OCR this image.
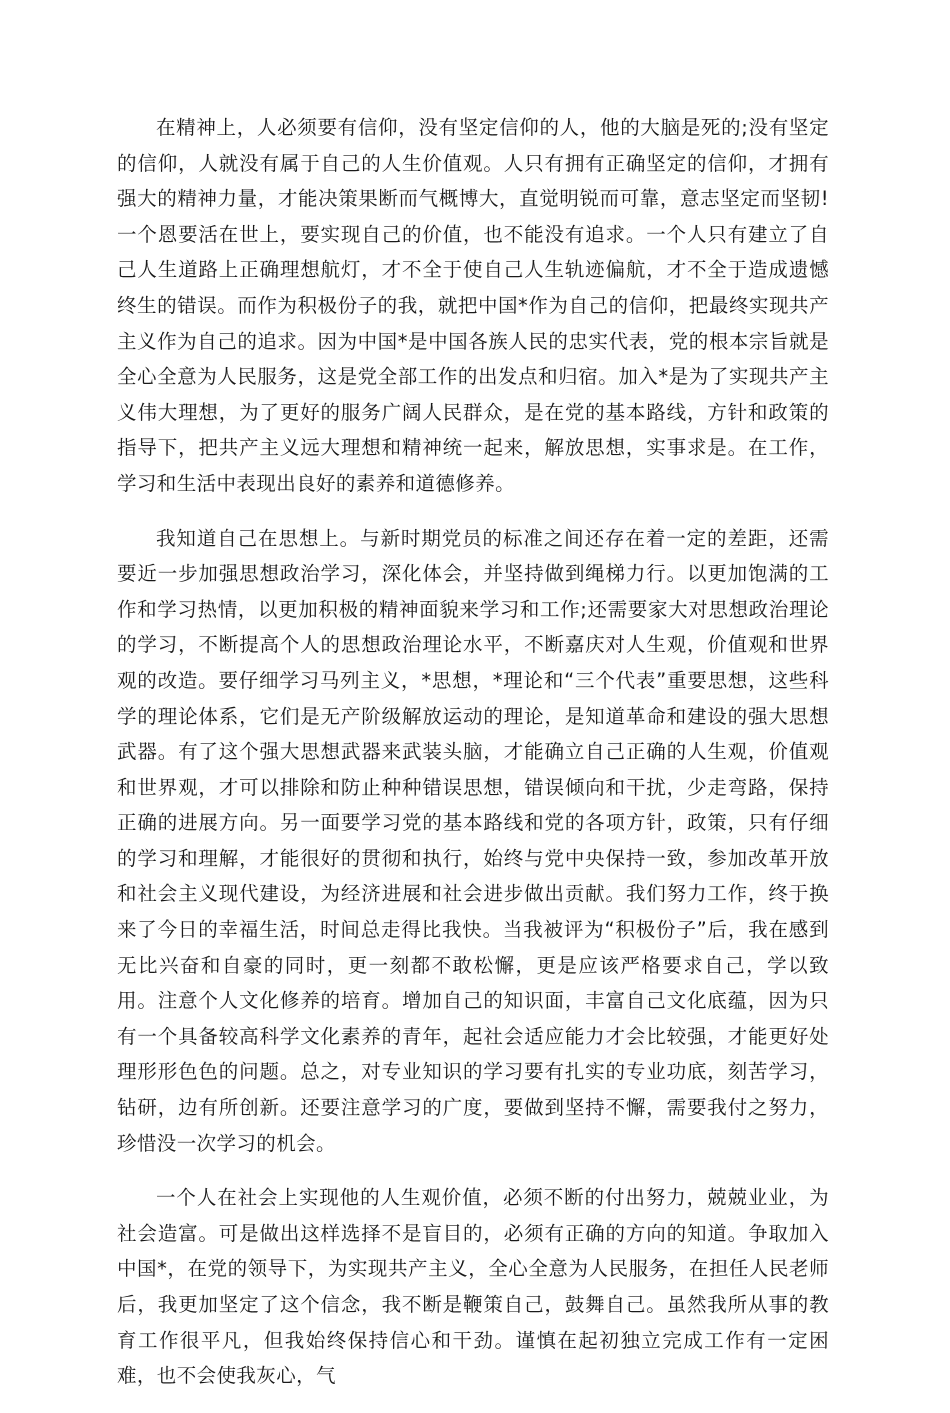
在精神上，人必须要有信仰，没有坚定信仰的人，他的大脑是死的;没有坚定的信仰，人就没有属于自己的人生价值观。人只有拥有正确坚定的信仰，才拥有强大的精神力量，才能决策果断而气概博大，直觉明锐而可靠，意志坚定而坚韧!一个恩要活在世上，要实现自己的价值，也不能没有追求。一个人只有建立了自己人生道路上正确理想航灯，才不全于使自己人生轨迹偏航，才不全于造成遗憾终生的错误。而作为积极份子的我，就把中国*作为自己的信仰，把最终实现共产主义作为自己的追求。因为中国*是中国各族人民的忠实代表，党的根本宗旨就是全心全意为人民服务，这是党全部工作的出发点和归宿。加入*是为了实现共产主义伟大理想，为了更好的服务广阔人民群众，是在党的基本路线，方针和政策的指导下，把共产主义远大理想和精神统一起来，解放思想，实事求是。在工作，学习和生活中表现出良好的素养和道德修养。

我知道自己在思想上。与新时期党员的标准之间还存在着一定的差距，还需要近一步加强思想政治学习，深化体会，并坚持做到绳梯力行。以更加饱满的工作和学习热情，以更加积极的精神面貌来学习和工作;还需要家大对思想政治理论的学习，不断提高个人的思想政治理论水平，不断嘉庆对人生观，价值观和世界观的改造。要仔细学习马列主义，*思想，*理论和“三个代表”重要思想，这些科学的理论体系，它们是无产阶级解放运动的理论，是知道革命和建设的强大思想武器。有了这个强大思想武器来武装头脑，才能确立自己正确的人生观，价值观和世界观，才可以排除和防止种种错误思想，错误倾向和干扰，少走弯路，保持正确的进展方向。另一面要学习党的基本路线和党的各项方针，政策，只有仔细的学习和理解，才能很好的贯彻和执行，始终与党中央保持一致，参加改革开放和社会主义现代建设，为经济进展和社会进步做出贡献。我们努力工作，终于换来了今日的幸福生活，时间总走得比我快。当我被评为“积极份子”后，我在感到无比兴奋和自豪的同时，更一刻都不敢松懈，更是应该严格要求自己，学以致用。注意个人文化修养的培育。增加自己的知识面，丰富自己文化底蕴，因为只有一个具备较高科学文化素养的青年，起社会适应能力才会比较强，才能更好处理形形色色的问题。总之，对专业知识的学习要有扎实的专业功底，刻苦学习，钻研，边有所创新。还要注意学习的广度，要做到坚持不懈，需要我付之努力，珍惜没一次学习的机会。

一个人在社会上实现他的人生观价值，必须不断的付出努力，兢兢业业，为社会造富。可是做出这样选择不是盲目的，必须有正确的方向的知道。争取加入中国*，在党的领导下，为实现共产主义，全心全意为人民服务，在担任人民老师后，我更加坚定了这个信念，我不断是鞭策自己，鼓舞自己。虽然我所从事的教育工作很平凡，但我始终保持信心和干劲。谨慎在起初独立完成工作有一定困难，也不会使我灰心，气
